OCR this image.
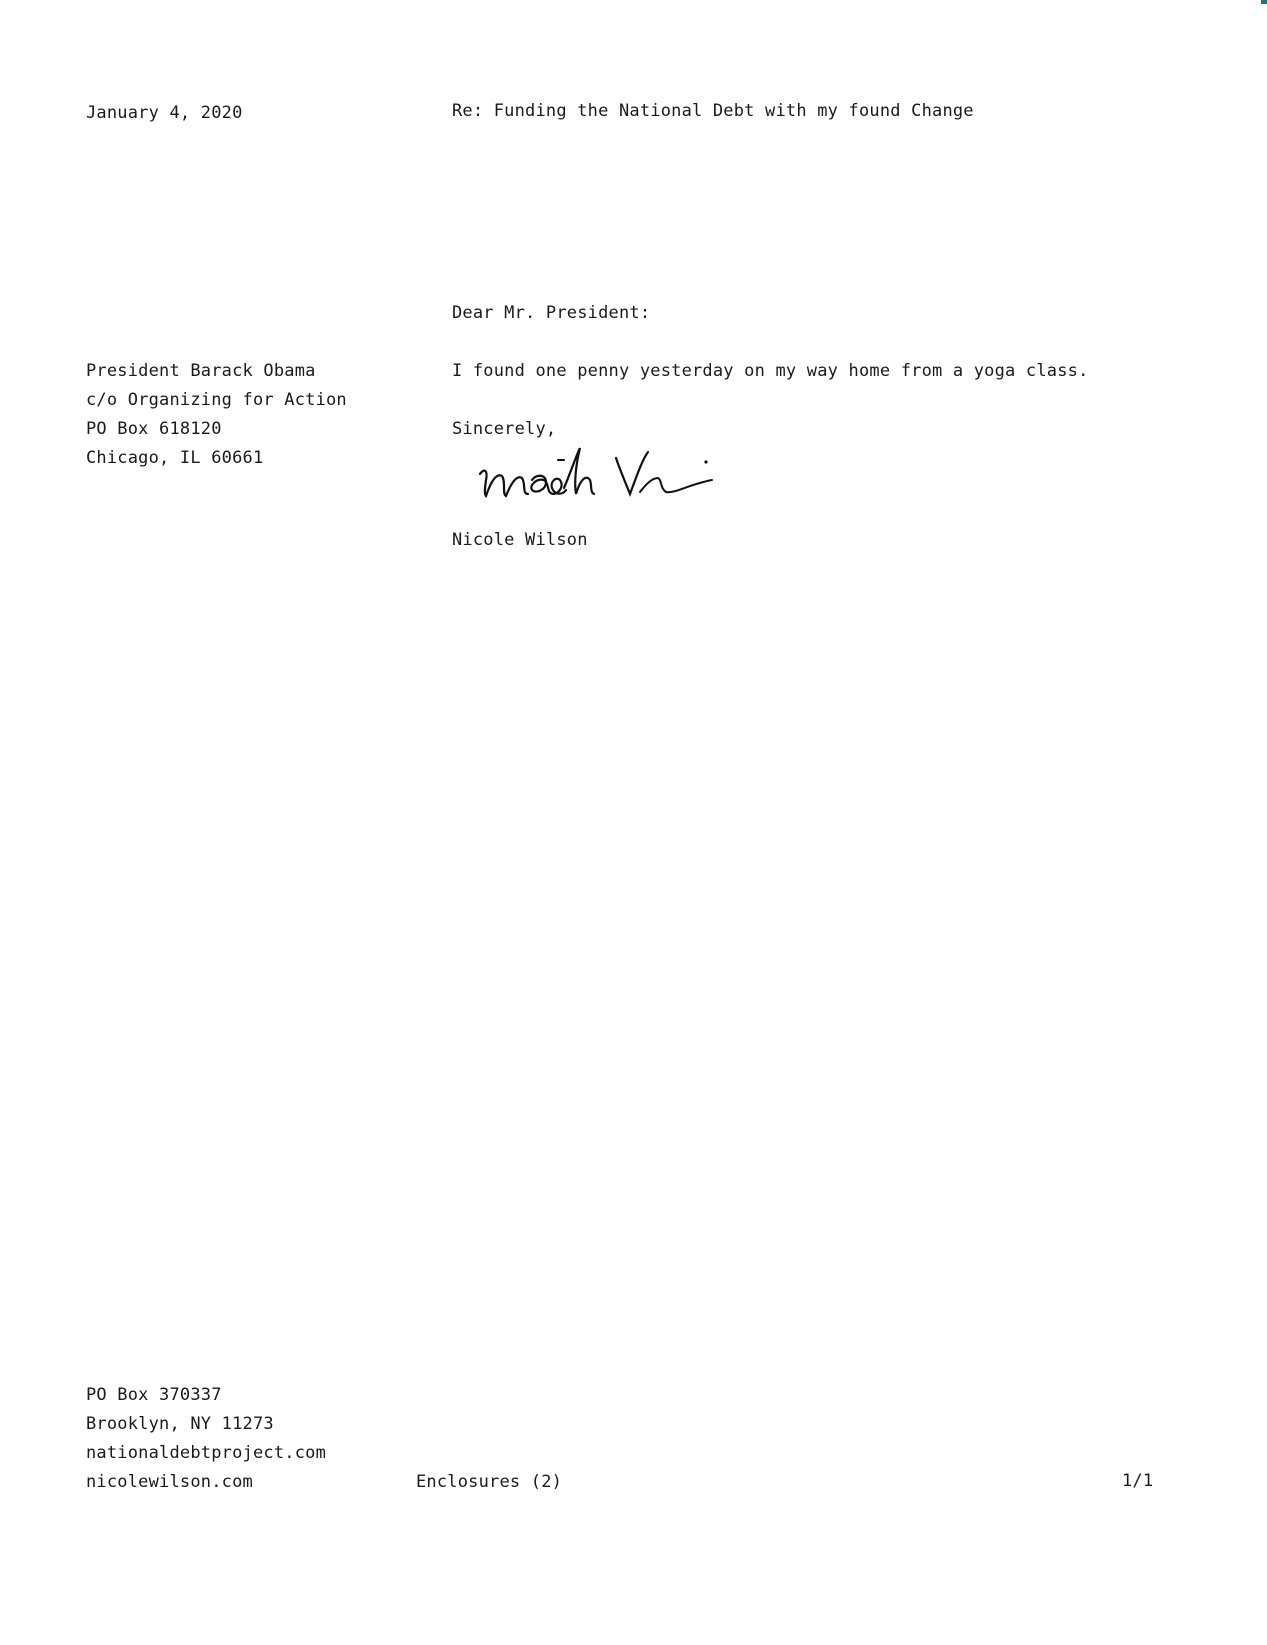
January 4, 2020	Re: Funding the National Debt with my found Change
Dear Mr. President:
President Barack Obama
c/o Organizing for Action
PO Box 618120
Chicago, IL 60661
I found one penny yesterday on my way home from a yoga class.
Sincerely,
Nicole Wilson
PO Box 370337
Brooklyn, NY 11273
nationaldebtproject.com
nicolewilson.com	Enclosures (2)	1/1
